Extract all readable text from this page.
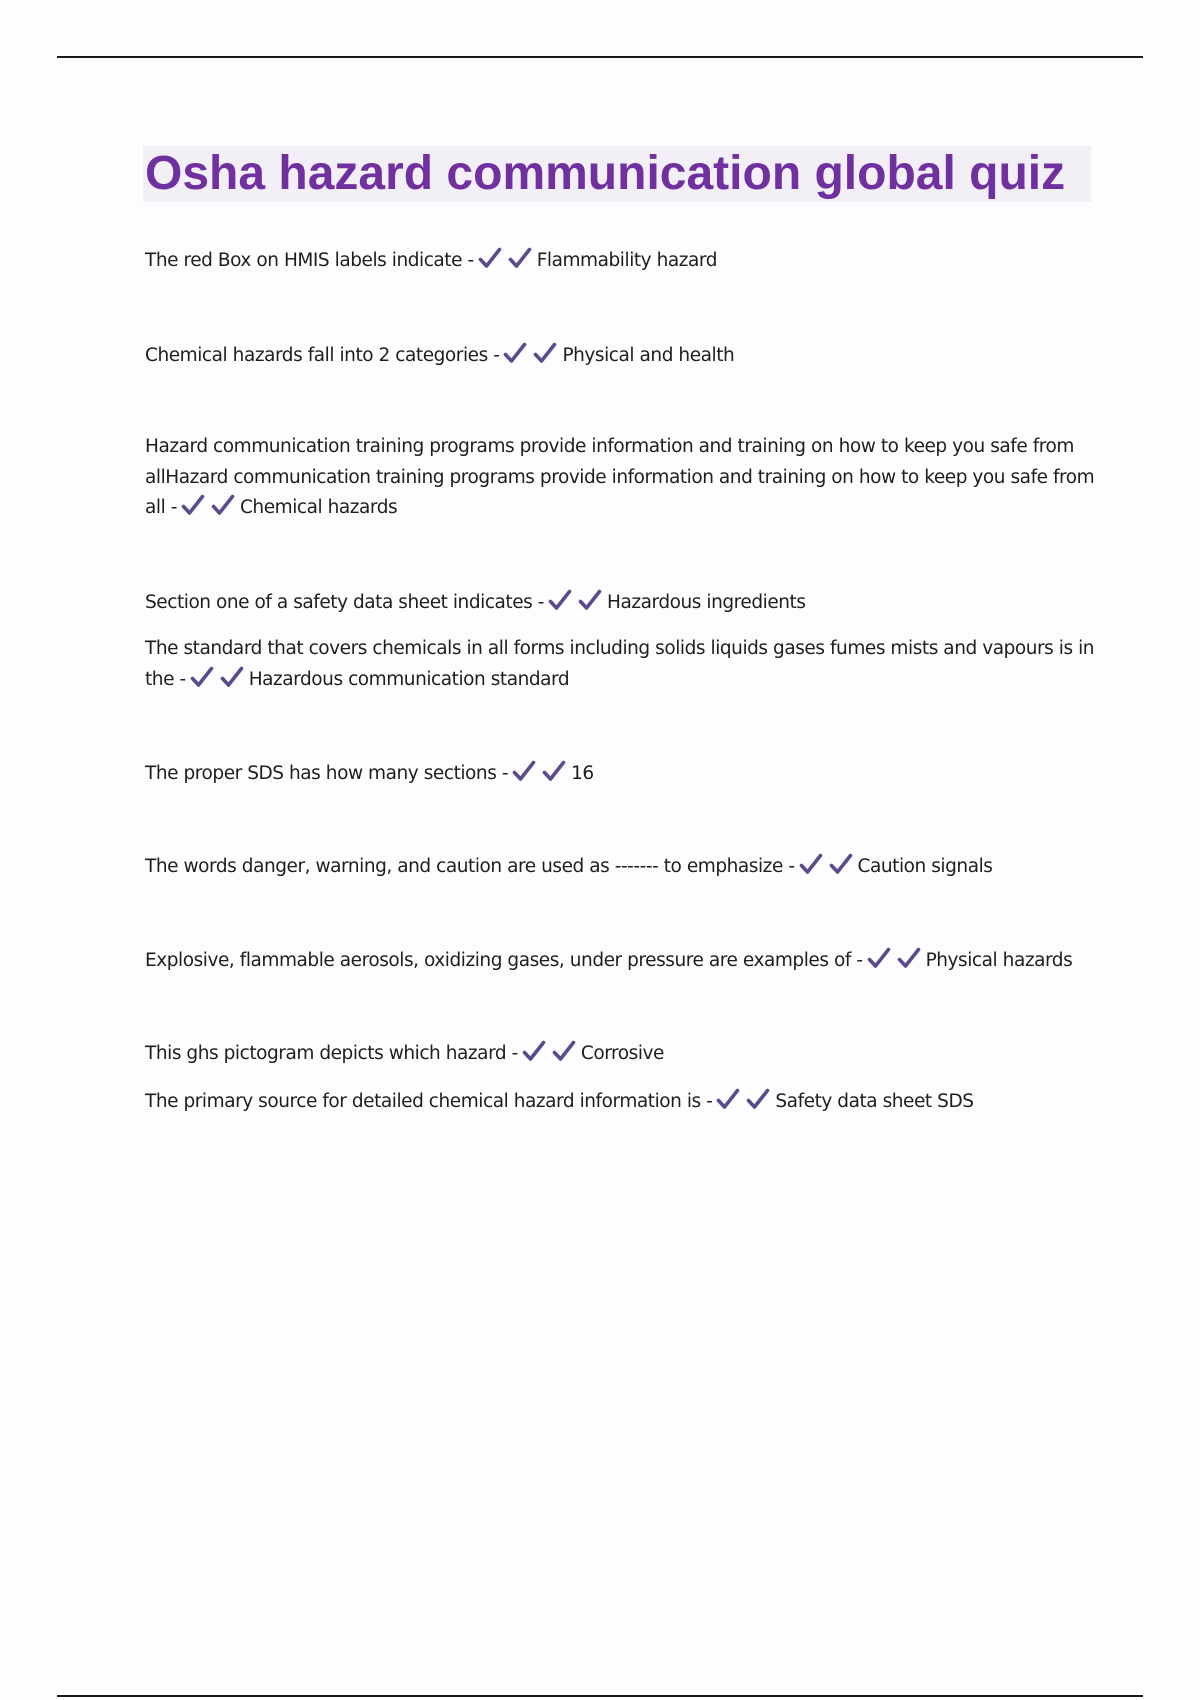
Osha hazard communication global quiz

The red Box on HMIS labels indicate -	Flammability hazard

Chemical hazards fall into 2 categories -	Physical and health

Hazard communication training programs provide information and training on how to keep you safe from allHazard communication training programs provide information and training on how to keep you safe from all -	Chemical hazards

Section one of a safety data sheet indicates -	Hazardous ingredients

The standard that covers chemicals in all forms including solids liquids gases fumes mists and vapours is in the -	Hazardous communication standard

The proper SDS has how many sections -	16

The words danger, warning, and caution are used as ------- to emphasize -	Caution signals

Explosive, flammable aerosols, oxidizing gases, under pressure are examples of -	Physical hazards

This ghs pictogram depicts which hazard -	Corrosive

The primary source for detailed chemical hazard information is -	Safety data sheet SDS
